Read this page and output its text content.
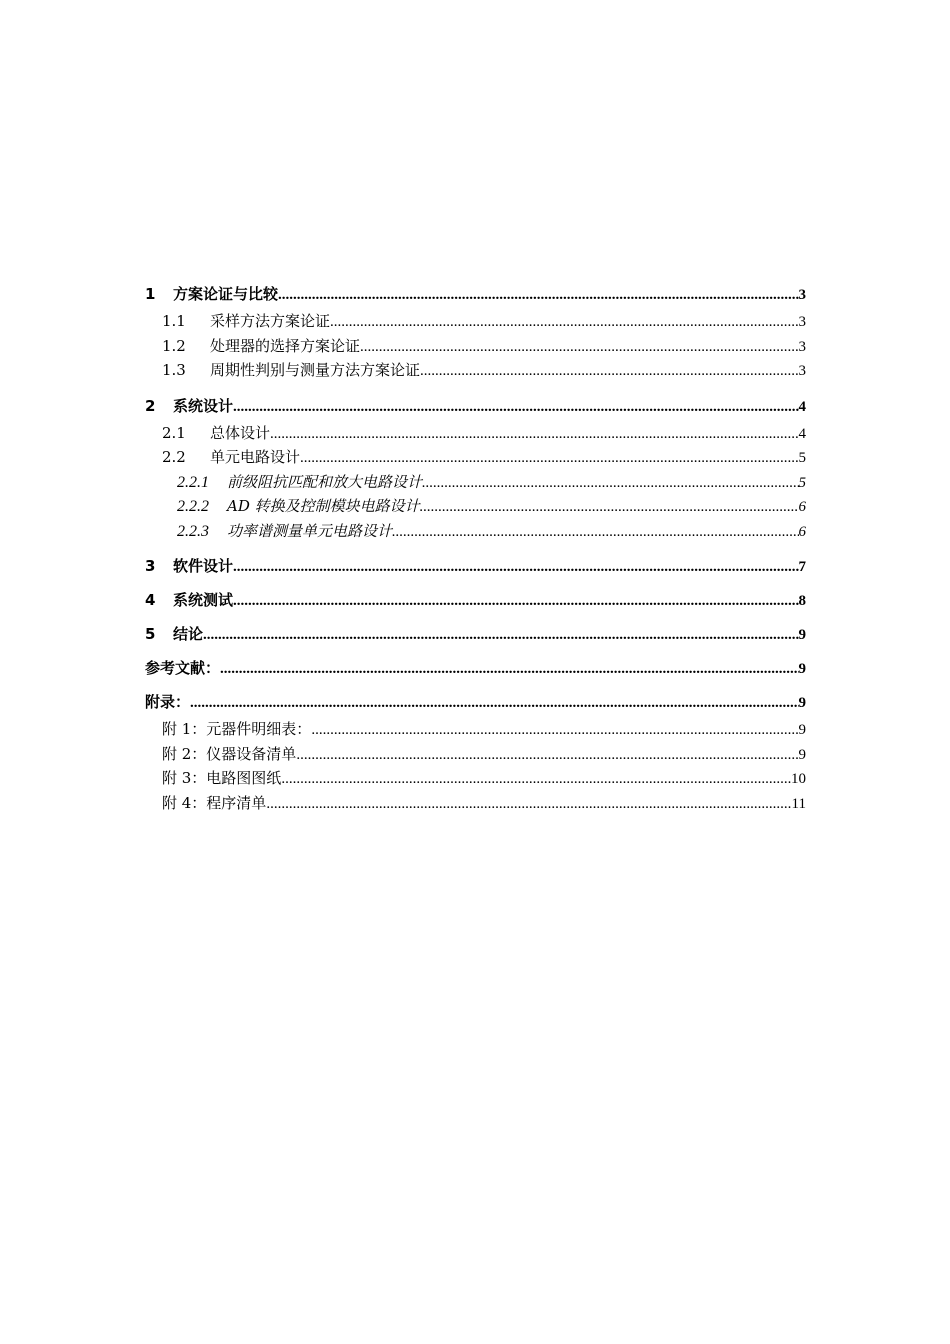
1	方案论证与比较 .....	3
1.1	采样方法方案论证 .....	3
1.2	处理器的选择方案论证 .....	3
1.3	周期性判别与测量方法方案论证 .....	3
2	系统设计 .....	4
2.1	总体设计 .....	4
2.2	单元电路设计 .....	5
2.2.1	前级阻抗匹配和放大电路设计 .....	5
2.2.2	AD 转换及控制模块电路设计 .....	6
2.2.3	功率谱测量单元电路设计 .....	6
3	软件设计 .....	7
4	系统测试 .....	8
5	结论 .....	9
参考文献： .....	9
附录： .....	9
附 1：元器件明细表： .....	9
附 2：仪器设备清单 .....	9
附 3：电路图图纸 .....	10
附 4：程序清单 .....	11
